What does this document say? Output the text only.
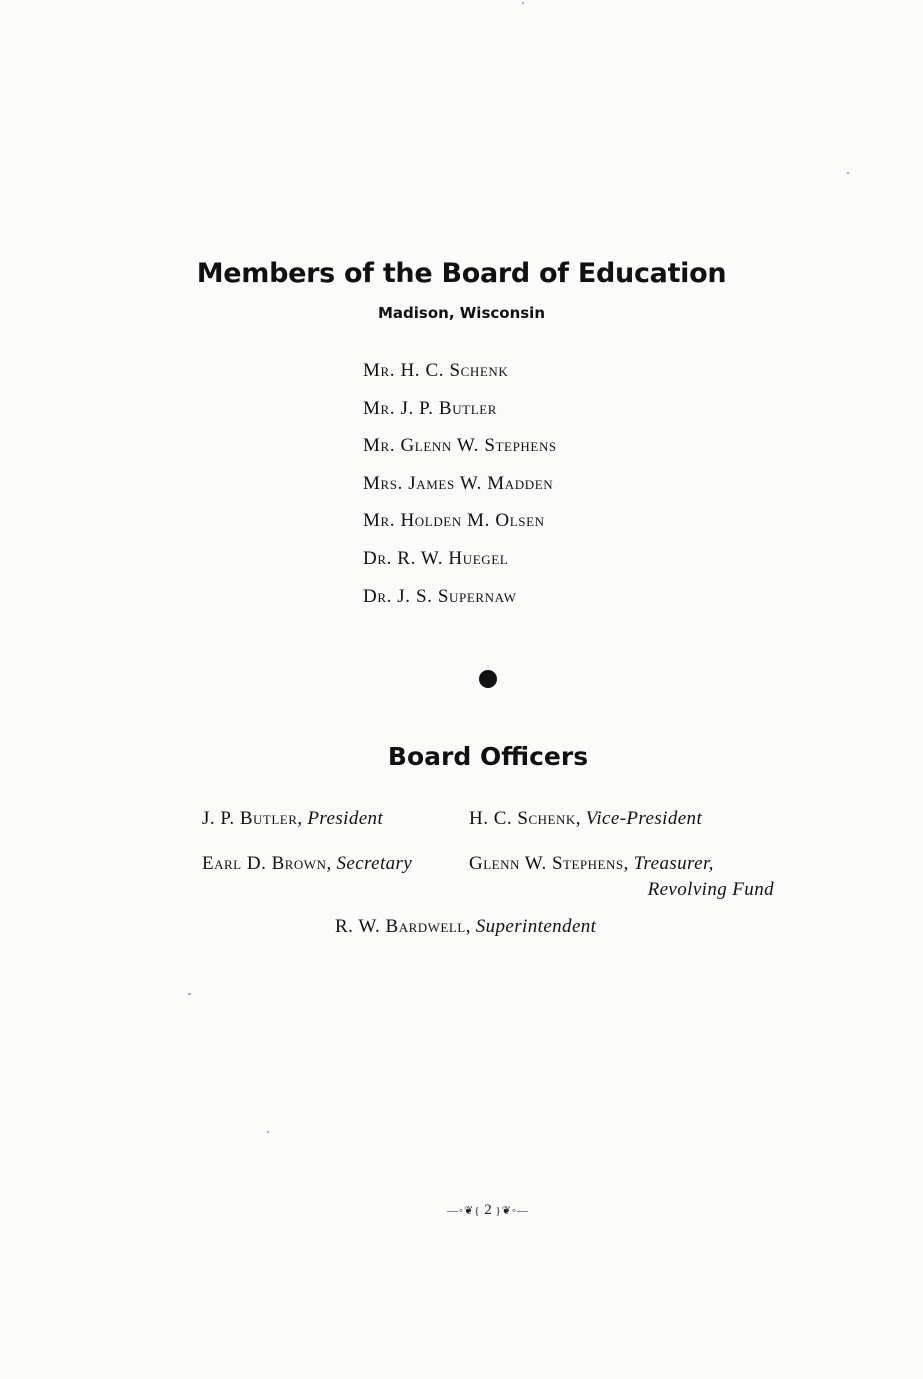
Members of the Board of Education
Madison, Wisconsin
Mr. H. C. Schenk
Mr. J. P. Butler
Mr. Glenn W. Stephens
Mrs. James W. Madden
Mr. Holden M. Olsen
Dr. R. W. Huegel
Dr. J. S. Supernaw
Board Officers
J. P. Butler, President	H. C. Schenk, Vice-President
Earl D. Brown, Secretary	Glenn W. Stephens, Treasurer,
Revolving Fund
R. W. Bardwell, Superintendent
—◦❦{ 2 }❦◦—
